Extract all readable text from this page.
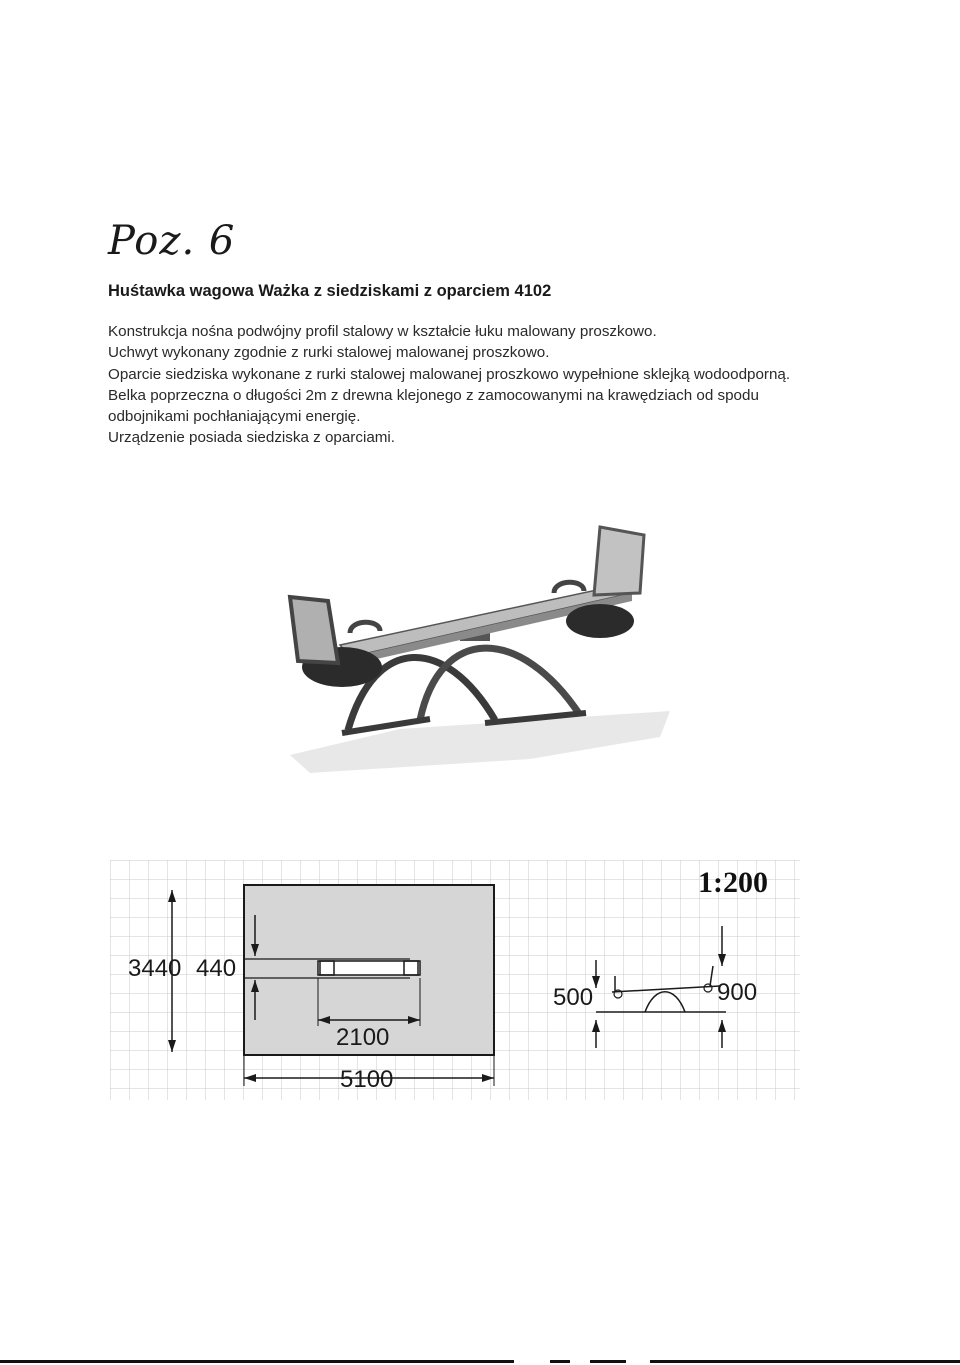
Poz. 6
Huśtawka wagowa Ważka z siedziskami z oparciem 4102

Konstrukcja nośna podwójny profil stalowy w kształcie łuku malowany proszkowo.

Uchwyt wykonany zgodnie z rurki stalowej malowanej proszkowo.

Oparcie siedziska wykonane z rurki stalowej malowanej proszkowo wypełnione sklejką wodoodporną.

Belka poprzeczna o długości 2m z drewna klejonego z zamocowanymi na krawędziach od spodu odbojnikami pochłaniającymi energię.

Urządzenie posiada siedziska z oparciami.

1:200
3440 440
2100
5100
500	900
